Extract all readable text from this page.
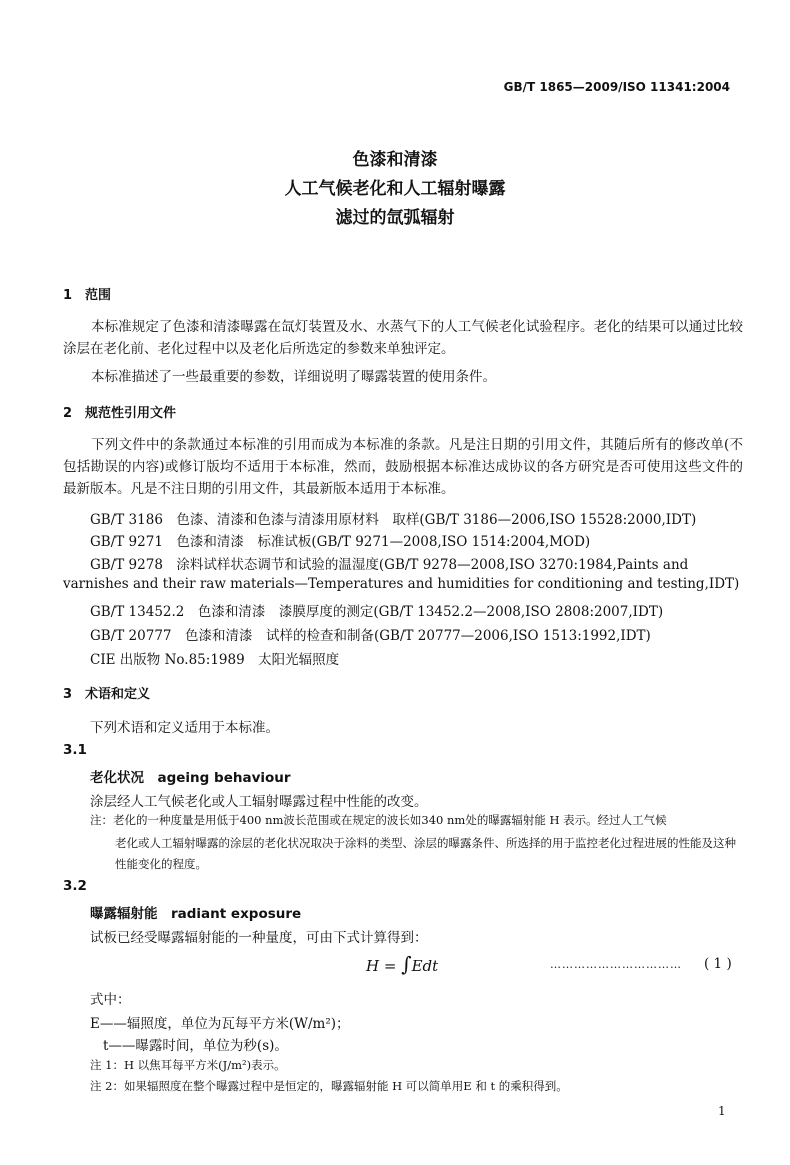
GB/T 1865—2009/ISO 11341:2004
色漆和清漆
人工气候老化和人工辐射曝露
滤过的氙弧辐射
1　范围
本标准规定了色漆和清漆曝露在氙灯装置及水、水蒸气下的人工气候老化试验程序。老化的结果可以通过比较涂层在老化前、老化过程中以及老化后所选定的参数来单独评定。
本标准描述了一些最重要的参数，详细说明了曝露装置的使用条件。
2　规范性引用文件
下列文件中的条款通过本标准的引用而成为本标准的条款。凡是注日期的引用文件，其随后所有的修改单(不包括勘误的内容)或修订版均不适用于本标准，然而，鼓励根据本标准达成协议的各方研究是否可使用这些文件的最新版本。凡是不注日期的引用文件，其最新版本适用于本标准。
GB/T 3186　色漆、清漆和色漆与清漆用原材料　取样(GB/T 3186—2006,ISO 15528:2000,IDT)
GB/T 9271　色漆和清漆　标准试板(GB/T 9271—2008,ISO 1514:2004,MOD)
GB/T 9278　涂料试样状态调节和试验的温湿度(GB/T 9278—2008,ISO 3270:1984,Paints and
varnishes and their raw materials—Temperatures and humidities for conditioning and testing,IDT)
GB/T 13452.2　色漆和清漆　漆膜厚度的测定(GB/T 13452.2—2008,ISO 2808:2007,IDT)
GB/T 20777　色漆和清漆　试样的检查和制备(GB/T 20777—2006,ISO 1513:1992,IDT)
CIE 出版物 No.85:1989　太阳光辐照度
3　术语和定义
下列术语和定义适用于本标准。
3.1
老化状况　ageing behaviour
涂层经人工气候老化或人工辐射曝露过程中性能的改变。
注：老化的一种度量是用低于400 nm波长范围或在规定的波长如340 nm处的曝露辐射能 H 表示。经过人工气候
老化或人工辐射曝露的涂层的老化状况取决于涂料的类型、涂层的曝露条件、所选择的用于监控老化过程进展的性能及这种性能变化的程度。
3.2
曝露辐射能　radiant exposure
试板已经受曝露辐射能的一种量度，可由下式计算得到：
H = ∫Edt	…………………………… ( 1 )
式中：
E——辐照度，单位为瓦每平方米(W/m²)；
t——曝露时间，单位为秒(s)。
注 1：H 以焦耳每平方米(J/m²)表示。
注 2：如果辐照度在整个曝露过程中是恒定的，曝露辐射能 H 可以简单用E 和 t 的乘积得到。
1
